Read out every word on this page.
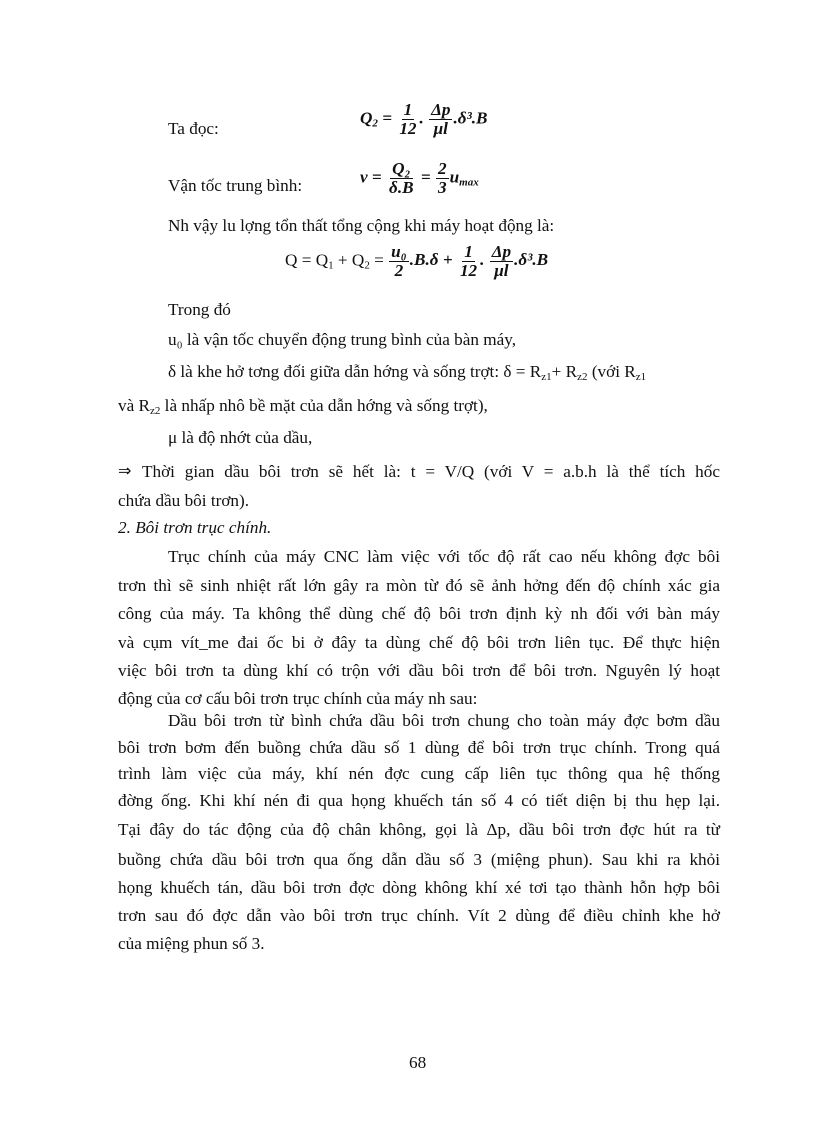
Ta đọc:
$Q_2 = \frac{1}{12}$ . $\frac{\Delta p}{\mu l} .\delta^3.B$
Vận tốc trung bình:	$v = \frac{\text{Q₂}}{\delta.B} = \frac{2}{3} u_{max}$
Nh vậy lu lợng tổn thất tổng cộng khi máy hoạt động là:
$Q = Q_1 + Q_2 = \frac{\text{u₀}}{2} .B.\delta + \frac{1}{12}$ . $\frac{\Delta p}{\mu l} .\delta^3.B$
Trong đó
u₀ là vận tốc chuyển động trung bình của bàn máy,
δ là khe hở tơng đối giữa dẫn hớng và sống trợt: $\delta = R_{z1}+ R_{z2}$ (với $R_{z1}$
và $R_{z2}$ là nhấp nhô bề mặt của dẫn hớng và sống trợt),
μ là độ nhớt của dầu,
⇒ Thời gian dầu bôi trơn sẽ hết là: t = V/Q (với V = a.b.h là thể tích hốc
chứa dầu bôi trơn).
2. Bôi trơn trục chính.
Trục chính của máy CNC làm việc với tốc độ rất cao nếu không đợc bôi
trơn thì sẽ sinh nhiệt rất lớn gây ra mòn từ đó sẽ ảnh hởng đến độ chính xác gia
công của máy. Ta không thể dùng chế độ bôi trơn định kỳ nh đối với bàn máy
và cụm vít_me đai ốc bi ở đây ta dùng chế độ bôi trơn liên tục. Để thực hiện
việc bôi trơn ta dùng khí có trộn với dầu bôi trơn để bôi trơn. Nguyên lý hoạt
động của cơ cấu bôi trơn trục chính của máy nh sau:
Dầu bôi trơn từ bình chứa dầu bôi trơn chung cho toàn máy đợc bơm dầu
bôi trơn bơm đến buồng chứa dầu số 1 dùng để bôi trơn trục chính. Trong quá
trình làm việc của máy, khí nén đợc cung cấp liên tục thông qua hệ thống
đờng ống. Khi khí nén đi qua họng khuếch tán số 4 có tiết diện bị thu hẹp lại.
Tại đây do tác động của độ chân không, gọi là Δp, dầu bôi trơn đợc hút ra từ
buồng chứa dầu bôi trơn qua ống dẫn dầu số 3 (miệng phun). Sau khi ra khỏi
họng khuếch tán, dầu bôi trơn đợc dòng không khí xé tơi tạo thành hỗn hợp bôi
trơn sau đó đợc dẫn vào bôi trơn trục chính. Vít 2 dùng để điều chỉnh khe hở
của miệng phun số 3.
68
